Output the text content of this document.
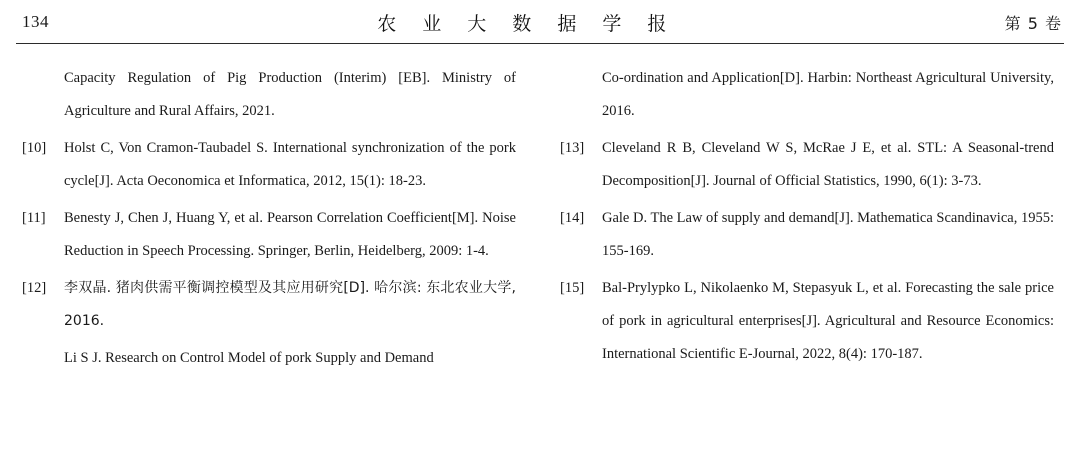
134	农 业 大 数 据 学 报	第 5 卷
Capacity Regulation of Pig Production (Interim) [EB]. Ministry of Agriculture and Rural Affairs, 2021.
[10]	Holst C, Von Cramon-Taubadel S. International synchronization of the pork cycle[J]. Acta Oeconomica et Informatica, 2012, 15(1): 18-23.
[11]	Benesty J, Chen J, Huang Y, et al. Pearson Correlation Coefficient[M]. Noise Reduction in Speech Processing. Springer, Berlin, Heidelberg, 2009: 1-4.
[12]	李双晶. 猪肉供需平衡调控模型及其应用研究[D]. 哈尔滨: 东北农业大学, 2016.
Li S J. Research on Control Model of pork Supply and Demand
Co-ordination and Application[D]. Harbin: Northeast Agricultural University, 2016.
[13]	Cleveland R B, Cleveland W S, McRae J E, et al. STL: A Seasonal-trend Decomposition[J]. Journal of Official Statistics, 1990, 6(1): 3-73.
[14]	Gale D. The Law of supply and demand[J]. Mathematica Scandinavica, 1955: 155-169.
[15]	Bal-Prylypko L, Nikolaenko M, Stepasyuk L, et al. Forecasting the sale price of pork in agricultural enterprises[J]. Agricultural and Resource Economics: International Scientific E-Journal, 2022, 8(4): 170-187.
